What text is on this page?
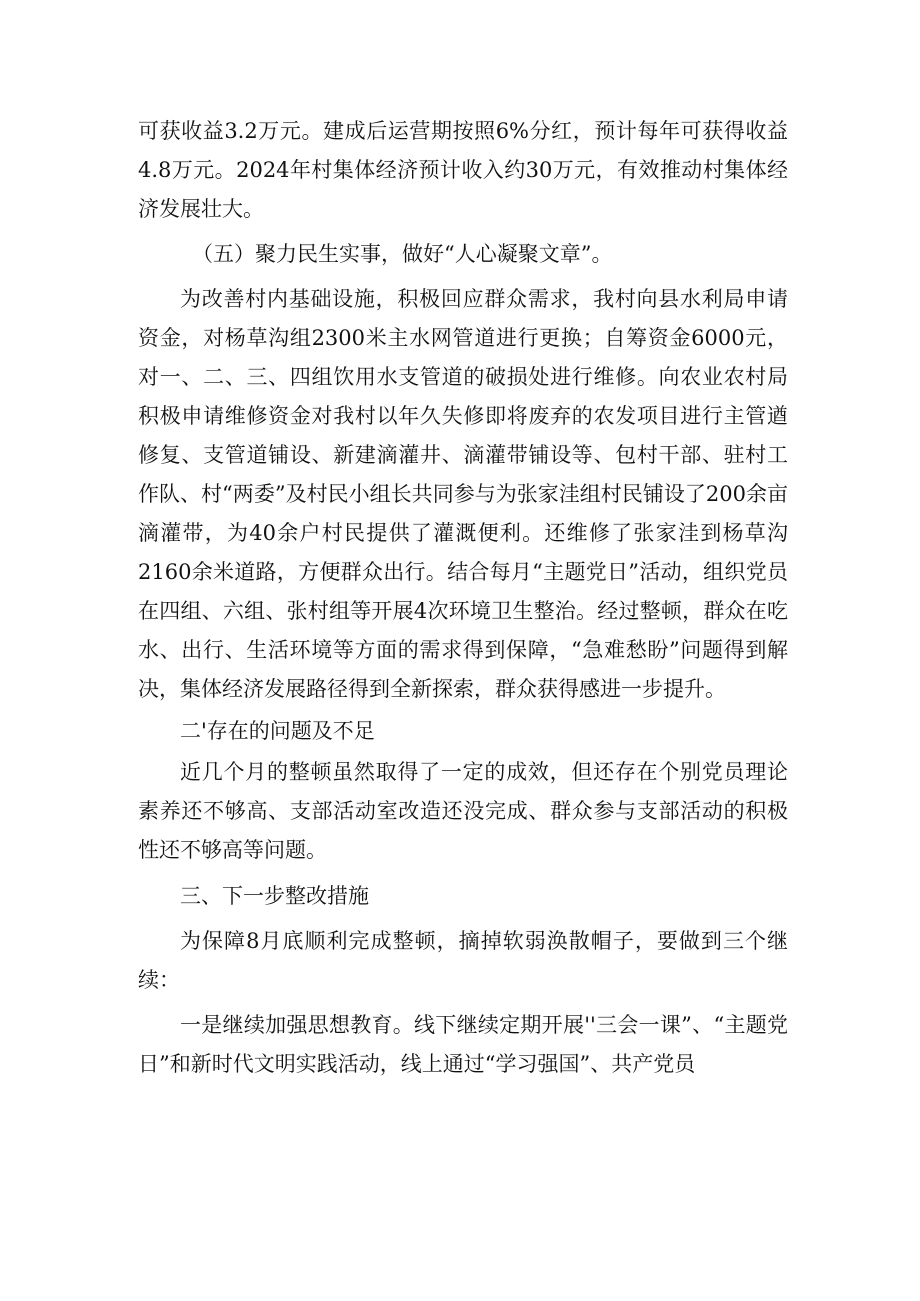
可获收益3.2万元。建成后运营期按照6%分红，预计每年可获得收益4.8万元。2024年村集体经济预计收入约30万元，有效推动村集体经济发展壮大。

（五）聚力民生实事，做好“人心凝聚文章”。

为改善村内基础设施，积极回应群众需求，我村向县水利局申请资金，对杨草沟组2300米主水网管道进行更换；自筹资金6000元，对一、二、三、四组饮用水支管道的破损处进行维修。向农业农村局积极申请维修资金对我村以年久失修即将废弃的农发项目进行主管遒修复、支管道铺设、新建滴灌井、滴灌带铺设等、包村干部、驻村工作队、村“两委”及村民小组长共同参与为张家洼组村民铺设了200余亩滴灌带，为40余户村民提供了灌溉便利。还维修了张家洼到杨草沟2160余米道路，方便群众出行。结合每月“主题党日”活动，组织党员在四组、六组、张村组等开展4次环境卫生整治。经过整顿，群众在吃水、出行、生活环境等方面的需求得到保障，“急难愁盼”问题得到解决，集体经济发展路径得到全新探索，群众获得感进一步提升。

二'存在的问题及不足

近几个月的整顿虽然取得了一定的成效，但还存在个别党员理论素养还不够高、支部活动室改造还没完成、群众参与支部活动的积极性还不够高等问题。

三、下一步整改措施

为保障8月底顺利完成整顿，摘掉软弱涣散帽子，要做到三个继续：

一是继续加强思想教育。线下继续定期开展''三会一课”、“主题党日”和新时代文明实践活动，线上通过“学习强国”、共产党员
